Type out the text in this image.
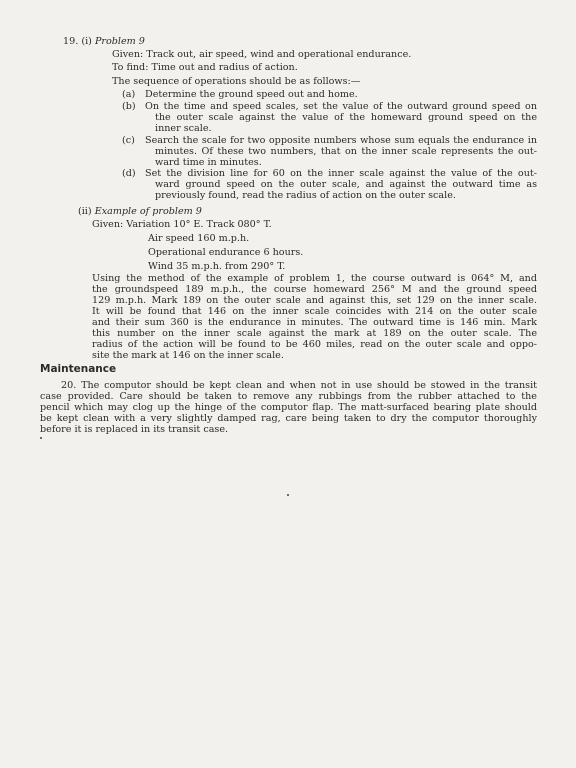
19. (i) Problem 9
Given: Track out, air speed, wind and operational endurance.
To find: Time out and radius of action.
The sequence of operations should be as follows:—
(a) Determine the ground speed out and home.
(b) On the time and speed scales, set the value of the outward ground speed on
the outer scale against the value of the homeward ground speed on the
inner scale.
(c) Search the scale for two opposite numbers whose sum equals the endurance in
minutes. Of these two numbers, that on the inner scale represents the out-
ward time in minutes.
(d) Set the division line for 60 on the inner scale against the value of the out-
ward ground speed on the outer scale, and against the outward time as
previously found, read the radius of action on the outer scale.
(ii) Example of problem 9
Given: Variation 10° E. Track 080° T.
Air speed 160 m.p.h.
Operational endurance 6 hours.
Wind 35 m.p.h. from 290° T.
Using the method of the example of problem 1, the course outward is 064° M, and
the groundspeed 189 m.p.h., the course homeward 256° M and the ground speed
129 m.p.h. Mark 189 on the outer scale and against this, set 129 on the inner scale.
It will be found that 146 on the inner scale coincides with 214 on the outer scale
and their sum 360 is the endurance in minutes. The outward time is 146 min. Mark
this number on the inner scale against the mark at 189 on the outer scale. The
radius of the action will be found to be 460 miles, read on the outer scale and oppo-
site the mark at 146 on the inner scale.
Maintenance
20. The computor should be kept clean and when not in use should be stowed in the transit
case provided. Care should be taken to remove any rubbings from the rubber attached to the
pencil which may clog up the hinge of the computor flap. The matt-surfaced bearing plate should
be kept clean with a very slightly damped rag, care being taken to dry the computor thoroughly
before it is replaced in its transit case.
